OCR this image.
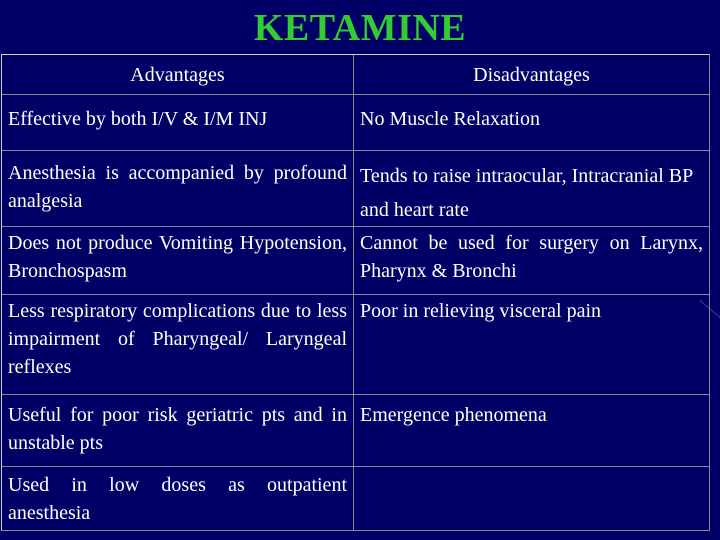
KETAMINE
Advantages	Disadvantages
Effective by both I/V & I/M INJ	No Muscle Relaxation
Anesthesia is accompanied by profound analgesia
Tends to raise intraocular, Intracranial BP and heart rate
Does not produce Vomiting Hypotension, Bronchospasm
Cannot be used for surgery on Larynx, Pharynx & Bronchi
Less respiratory complications due to less impairment of Pharyngeal/ Laryngeal reflexes
Poor in relieving visceral pain
Useful for poor risk geriatric pts and in unstable pts
Emergence phenomena
Used in low doses as outpatient anesthesia
